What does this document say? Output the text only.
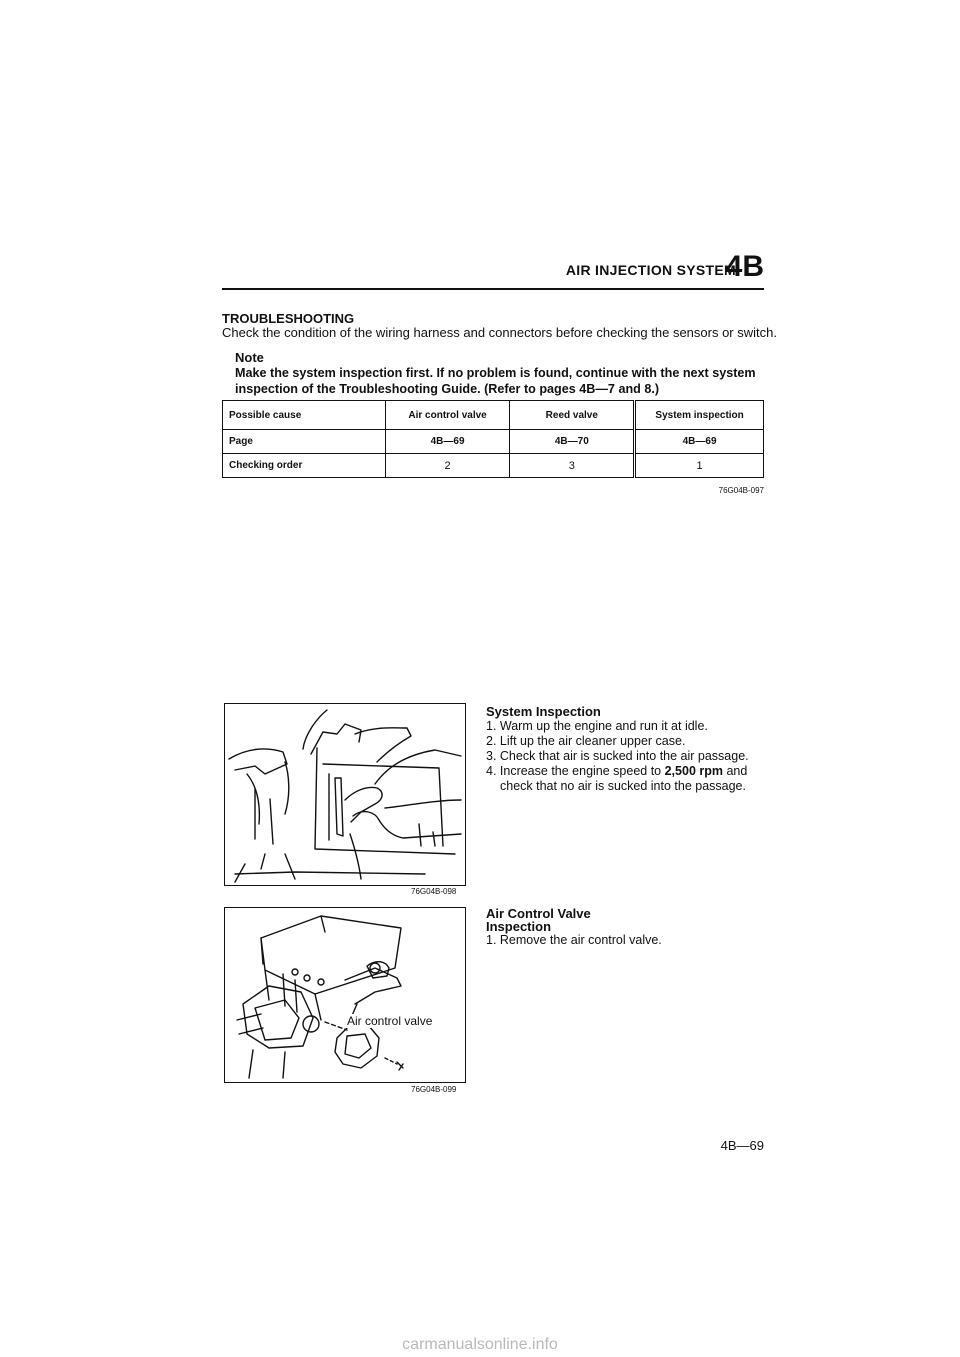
AIR INJECTION SYSTEM
4B
TROUBLESHOOTING
Check the condition of the wiring harness and connectors before checking the sensors or switch.
Note
Make the system inspection first. If no problem is found, continue with the next system inspection of the Troubleshooting Guide. (Refer to pages 4B—7 and 8.)
Possible cause	Air control valve	Reed valve	System inspection
Page	4B—69	4B—70	4B—69
Checking order	2	3	1
76G04B-097
76G04B-098
System Inspection
1. Warm up the engine and run it at idle.
2. Lift up the air cleaner upper case.
3. Check that air is sucked into the air passage.
4. Increase the engine speed to 2,500 rpm and check that no air is sucked into the passage.
Air control valve
76G04B-099
Air Control Valve
Inspection
1. Remove the air control valve.
4B—69
carmanualsonline.info
